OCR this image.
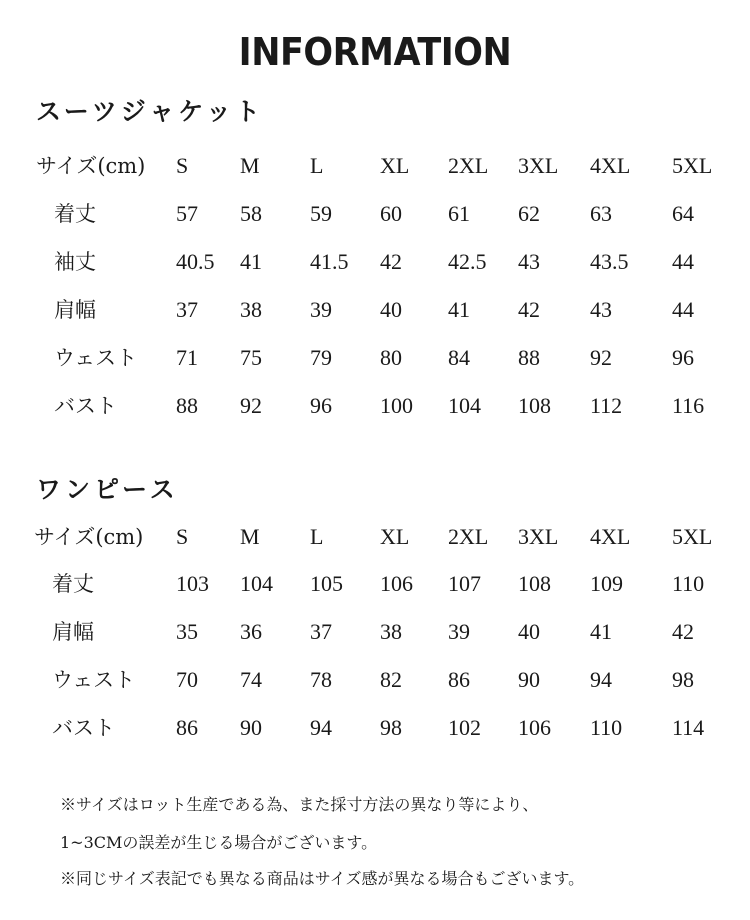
INFORMATION
スーツジャケット
サイズ(cm) S M L	XL 2XL 3XL 4XL 5XL
着丈	57 58 59 60 61 62 63	64
袖丈	40.5 41 41.5 42 42.5 43 43.5 44
肩幅	37 38 39 40 41 42 43	44
ウェスト 71 75 79 80 84 88 92	96
バスト	88 92 96 100 104 108 112 116
ワンピース
サイズ(cm) S M L	XL 2XL 3XL 4XL 5XL
着丈	103 104 105 106 107 108 109 110
肩幅	35 36 37 38 39 40 41	42
ウェスト 70 74 78 82 86 90 94	98
バスト	86 90 94 98 102 106 110 114
※サイズはロット生産である為、また採寸方法の異なり等により、
1~3CMの誤差が生じる場合がございます。
※同じサイズ表記でも異なる商品はサイズ感が異なる場合もございます。
